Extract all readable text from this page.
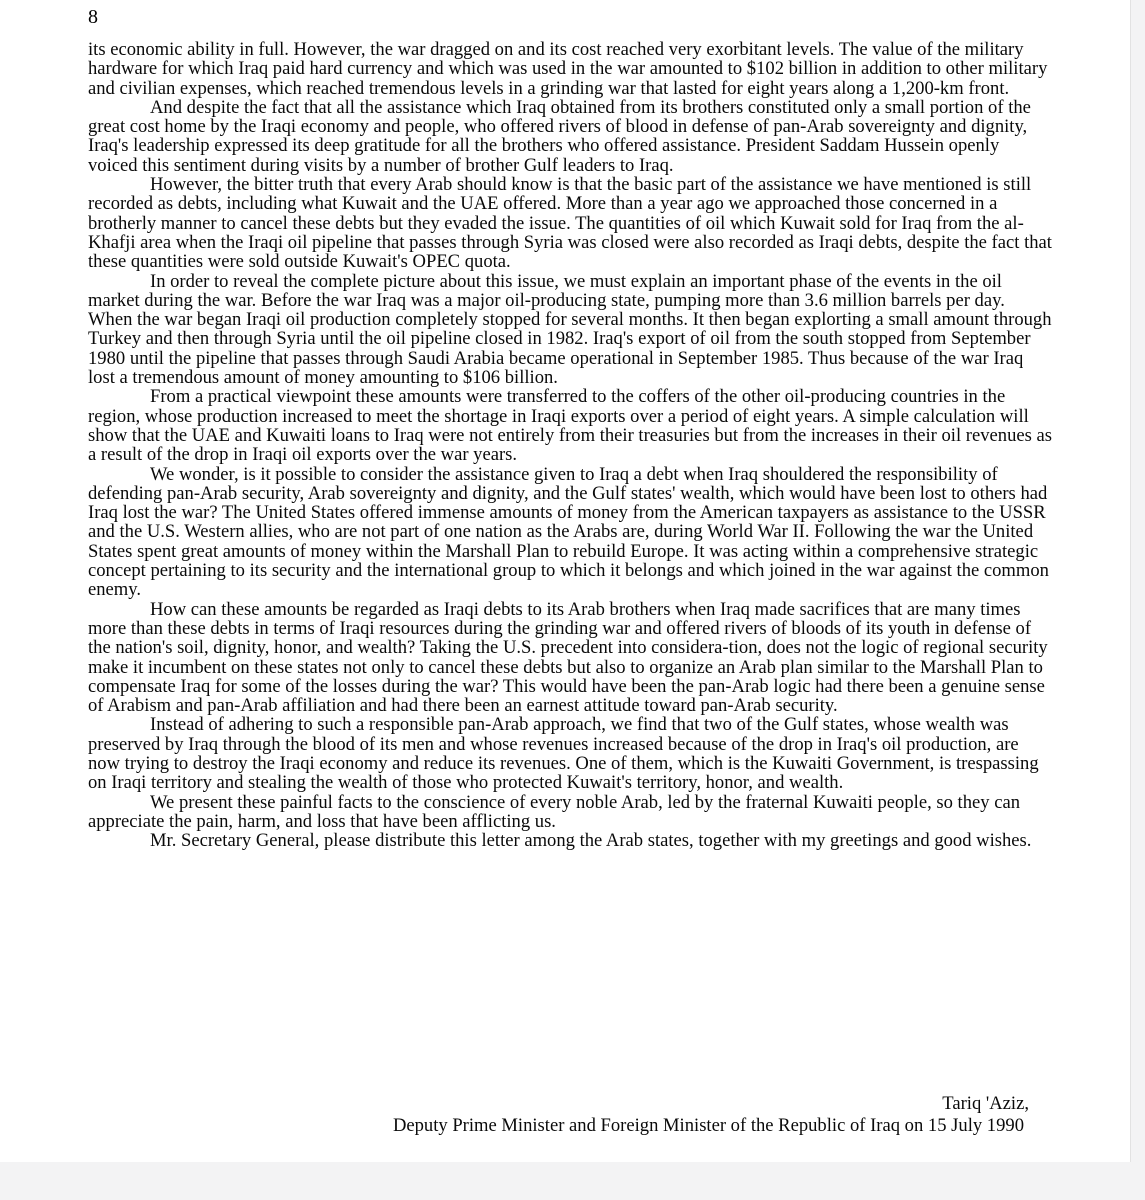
8

its economic ability in full. However, the war dragged on and its cost reached very exorbitant levels. The value of the military hardware for which Iraq paid hard currency and which was used in the war amounted to $102 billion in addition to other military and civilian expenses, which reached tremendous levels in a grinding war that lasted for eight years along a 1,200-km front.

And despite the fact that all the assistance which Iraq obtained from its brothers constituted only a small portion of the great cost home by the Iraqi economy and people, who offered rivers of blood in defense of pan-Arab sovereignty and dignity, Iraq's leadership expressed its deep gratitude for all the brothers who offered assistance. President Saddam Hussein openly voiced this sentiment during visits by a number of brother Gulf leaders to Iraq.

However, the bitter truth that every Arab should know is that the basic part of the assistance we have mentioned is still recorded as debts, including what Kuwait and the UAE offered. More than a year ago we approached those concerned in a brotherly manner to cancel these debts but they evaded the issue. The quantities of oil which Kuwait sold for Iraq from the al-Khafji area when the Iraqi oil pipeline that passes through Syria was closed were also recorded as Iraqi debts, despite the fact that these quantities were sold outside Kuwait's OPEC quota.

In order to reveal the complete picture about this issue, we must explain an important phase of the events in the oil market during the war. Before the war Iraq was a major oil-producing state, pumping more than 3.6 million barrels per day. When the war began Iraqi oil production completely stopped for several months. It then began explorting a small amount through Turkey and then through Syria until the oil pipeline closed in 1982. Iraq's export of oil from the south stopped from September 1980 until the pipeline that passes through Saudi Arabia became operational in September 1985. Thus because of the war Iraq lost a tremendous amount of money amounting to $106 billion.

From a practical viewpoint these amounts were transferred to the coffers of the other oil-producing countries in the region, whose production increased to meet the shortage in Iraqi exports over a period of eight years. A simple calculation will show that the UAE and Kuwaiti loans to Iraq were not entirely from their treasuries but from the increases in their oil revenues as a result of the drop in Iraqi oil exports over the war years.

We wonder, is it possible to consider the assistance given to Iraq a debt when Iraq shouldered the responsibility of defending pan-Arab security, Arab sovereignty and dignity, and the Gulf states' wealth, which would have been lost to others had Iraq lost the war? The United States offered immense amounts of money from the American taxpayers as assistance to the USSR and the U.S. Western allies, who are not part of one nation as the Arabs are, during World War II. Following the war the United States spent great amounts of money within the Marshall Plan to rebuild Europe. It was acting within a comprehensive strategic concept pertaining to its security and the international group to which it belongs and which joined in the war against the common enemy.

How can these amounts be regarded as Iraqi debts to its Arab brothers when Iraq made sacrifices that are many times more than these debts in terms of Iraqi resources during the grinding war and offered rivers of bloods of its youth in defense of the nation's soil, dignity, honor, and wealth? Taking the U.S. precedent into considera-tion, does not the logic of regional security make it incumbent on these states not only to cancel these debts but also to organize an Arab plan similar to the Marshall Plan to compensate Iraq for some of the losses during the war? This would have been the pan-Arab logic had there been a genuine sense of Arabism and pan-Arab affiliation and had there been an earnest attitude toward pan-Arab security.

Instead of adhering to such a responsible pan-Arab approach, we find that two of the Gulf states, whose wealth was preserved by Iraq through the blood of its men and whose revenues increased because of the drop in Iraq's oil production, are now trying to destroy the Iraqi economy and reduce its revenues. One of them, which is the Kuwaiti Government, is trespassing on Iraqi territory and stealing the wealth of those who protected Kuwait's territory, honor, and wealth.

We present these painful facts to the conscience of every noble Arab, led by the fraternal Kuwaiti people, so they can appreciate the pain, harm, and loss that have been afflicting us.

Mr. Secretary General, please distribute this letter among the Arab states, together with my greetings and good wishes.

Tariq 'Aziz,
Deputy Prime Minister and Foreign Minister of the Republic of Iraq on 15 July 1990
